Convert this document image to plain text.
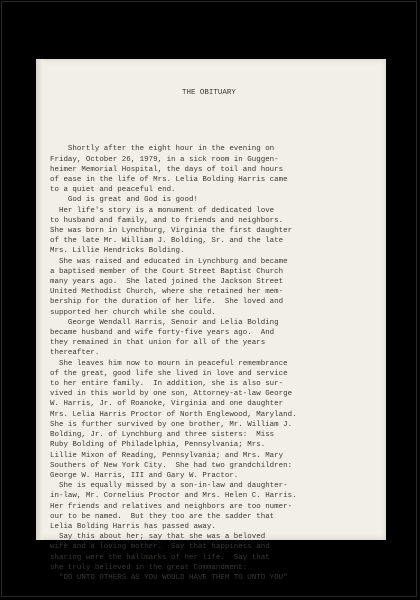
THE OBITUARY

Shortly after the eight hour in the evening on
Friday, October 26, 1979, in a sick room in Guggen-
heimer Memorial Hospital, the days of toil and hours
of ease in the life of Mrs. Lelia Bolding Harris came
to a quiet and peaceful end.
God is great and God is good!
Her life's story is a monument of dedicated love
to husband and family, and to friends and neighbors.
She was born in Lynchburg, Virginia the first daughter
of the late Mr. William J. Bolding, Sr. and the late
Mrs. Lillie Hendricks Bolding.
She was raised and educated in Lynchburg and became
a baptised member of the Court Street Baptist Church
many years ago.  She lated joined the Jackson Street
United Methodist Church, where she retained her mem-
bership for the duration of her life.  She loved and
supported her church while she could.
George Wendall Harris, Senoir and Lelia Bolding
became husband and wife forty-five years ago.  And
they remained in that union for all of the years
thereafter.
She leaves him now to mourn in peaceful remembrance
of the great, good life she lived in love and service
to her entire family.  In addition, she is also sur-
vived in this world by one son, Attorney-at-law George
W. Harris, Jr. of Roanoke, Virginia and one daughter
Mrs. Lelia Harris Proctor of North Englewood, Maryland.
She is further survived by one brother, Mr. William J.
Bolding, Jr. of Lynchburg and three sisters:  Miss
Ruby Bolding of Philadelphia, Pennsylvania; Mrs.
Lillie Mixon of Reading, Pennsylvania; and Mrs. Mary
Southers of New York City.  She had two grandchildren:
George W. Harris, III and Gary W. Practor.
She is equally missed by a son-in-law and daughter-
in-law, Mr. Cornelius Proctor and Mrs. Helen C. Harris.
Her friends and relatives and neighbors are too numer-
our to be named.  But they too are the sadder that
Lelia Bolding Harris has passed away.
Say this about her; say that she was a beloved
wife and a loving mother.  Say that happiness and
sharing were the hallmarks of her life.  Say that
she truly believed in the great Commandment:
"DO UNTO OTHERS AS YOU WOULD HAVE THEM TO UNTO YOU"
